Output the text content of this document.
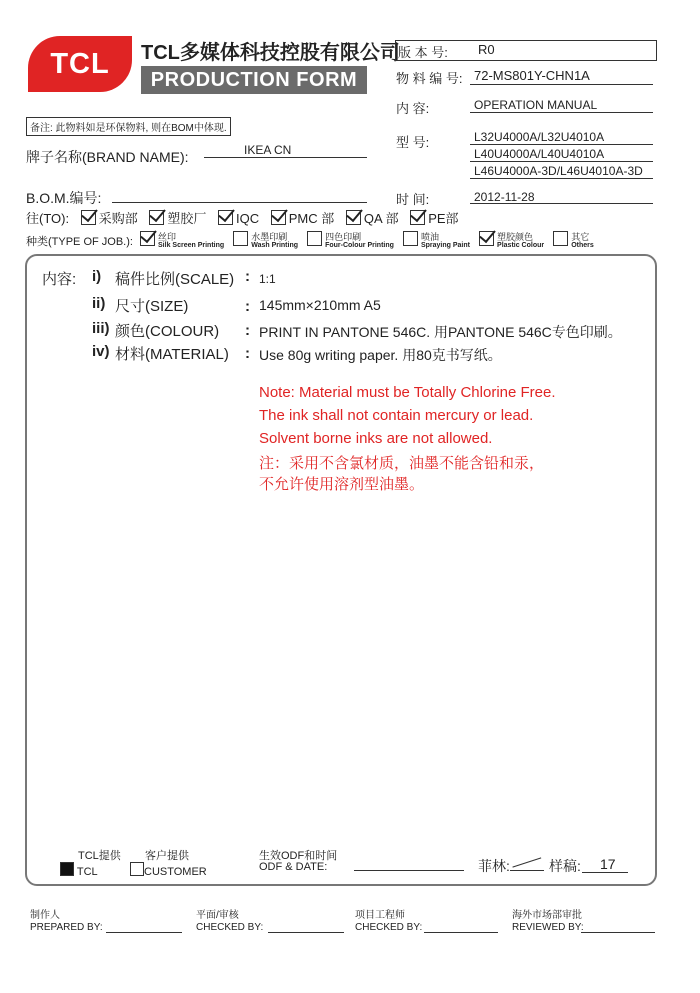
TCL	TCL多媒体科技控股有限公司
PRODUCTION FORM
版 本 号: R0
物 料 编 号: 72-MS801Y-CHN1A
内 容:	OPERATION MANUAL
型 号:	L32U4000A/L32U4010A
L40U4000A/L40U4010A
L46U4000A-3D/L46U4010A-3D
时 间:	2012-11-28
备注: 此物料如是环保物料, 则在BOM中体现.
牌子名称(BRAND NAME):	IKEA CN
B.O.M.编号:
往(TO): 采购部 塑胶厂 IQC PMC 部 QA 部 PE部
种类(TYPE OF JOB.):	丝印
Silk Screen Printing

水墨印刷
Wash Printing

四色印刷
Four-Colour Printing

喷油
Spraying Paint

塑胶颜色
Plastic Colour

其它
Others
内容: i) 稿件比例(SCALE) : 1:1
ii) 尺寸(SIZE)	: 145mm×210mm A5
iii) 颜色(COLOUR) : PRINT IN PANTONE 546C. 用PANTONE 546C专色印刷。
iv) 材料(MATERIAL) : Use 80g writing paper. 用80克书写纸。
Note: Material must be Totally Chlorine Free.
The ink shall not contain mercury or lead.
Solvent borne inks are not allowed.
注：采用不含氯材质，油墨不能含铅和汞，
不允许使用溶剂型油墨。
TCL提供
TCL
客户提供
CUSTOMER
生效ODF和时间
ODF & DATE:	菲林:	样稿: 17
制作人
PREPARED BY:
平面/审核
CHECKED BY:
项目工程师
CHECKED BY:
海外市场部审批
REVIEWED BY:
